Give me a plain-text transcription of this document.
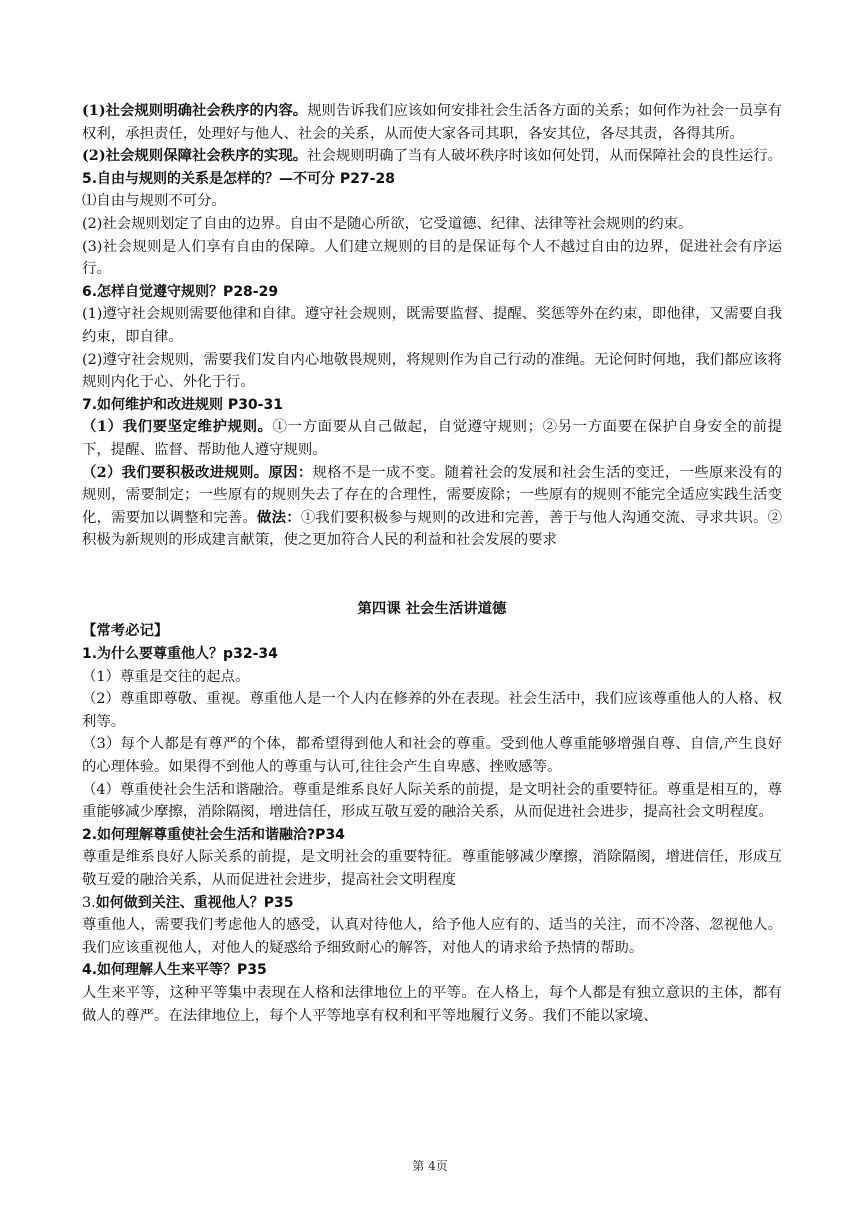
(1)社会规则明确社会秩序的内容。规则告诉我们应该如何安排社会生活各方面的关系；如何作为社会一员享有权利，承担责任，处理好与他人、社会的关系，从而使大家各司其职，各安其位，各尽其责，各得其所。

(2)社会规则保障社会秩序的实现。社会规则明确了当有人破坏秩序时该如何处罚，从而保障社会的良性运行。

5.自由与规则的关系是怎样的？—不可分 P27-28

⑴自由与规则不可分。

(2)社会规则划定了自由的边界。自由不是随心所欲，它受道德、纪律、法律等社会规则的约束。

(3)社会规则是人们享有自由的保障。人们建立规则的目的是保证每个人不越过自由的边界，促进社会有序运行。

6.怎样自觉遵守规则？P28-29

(1)遵守社会规则需要他律和自律。遵守社会规则，既需要监督、提醒、奖惩等外在约束，即他律，又需要自我约束，即自律。

(2)遵守社会规则，需要我们发自内心地敬畏规则，将规则作为自己行动的准绳。无论何时何地，我们都应该将规则内化于心、外化于行。

7.如何维护和改进规则 P30-31

（1）我们要坚定维护规则。①一方面要从自己做起，自觉遵守规则；②另一方面要在保护自身安全的前提下，提醒、监督、帮助他人遵守规则。

（2）我们要积极改进规则。原因：规格不是一成不变。随着社会的发展和社会生活的变迁，一些原来没有的规则，需要制定；一些原有的规则失去了存在的合理性，需要废除；一些原有的规则不能完全适应实践生活变化，需要加以调整和完善。做法：①我们要积极参与规则的改进和完善，善于与他人沟通交流、寻求共识。②积极为新规则的形成建言献策，使之更加符合人民的利益和社会发展的要求

第四课 社会生活讲道德

【常考必记】

1.为什么要尊重他人？p32-34

（1）尊重是交往的起点。

（2）尊重即尊敬、重视。尊重他人是一个人内在修养的外在表现。社会生活中，我们应该尊重他人的人格、权利等。

（3）每个人都是有尊严的个体，都希望得到他人和社会的尊重。受到他人尊重能够增强自尊、自信,产生良好的心理体验。如果得不到他人的尊重与认可,往往会产生自卑感、挫败感等。

（4）尊重使社会生活和谐融洽。尊重是维系良好人际关系的前提，是文明社会的重要特征。尊重是相互的，尊重能够减少摩擦，消除隔阂，增进信任，形成互敬互爱的融洽关系，从而促进社会进步，提高社会文明程度。

2.如何理解尊重使社会生活和谐融洽?P34

尊重是维系良好人际关系的前提，是文明社会的重要特征。尊重能够减少摩擦，消除隔阂，增进信任，形成互敬互爱的融洽关系，从而促进社会进步，提高社会文明程度

3.如何做到关注、重视他人？P35

尊重他人，需要我们考虑他人的感受，认真对待他人，给予他人应有的、适当的关注，而不冷落、忽视他人。我们应该重视他人，对他人的疑惑给予细致耐心的解答，对他人的请求给予热情的帮助。

4.如何理解人生来平等？P35

人生来平等，这种平等集中表现在人格和法律地位上的平等。在人格上，每个人都是有独立意识的主体，都有做人的尊严。在法律地位上，每个人平等地享有权利和平等地履行义务。我们不能以家境、

第 4页
